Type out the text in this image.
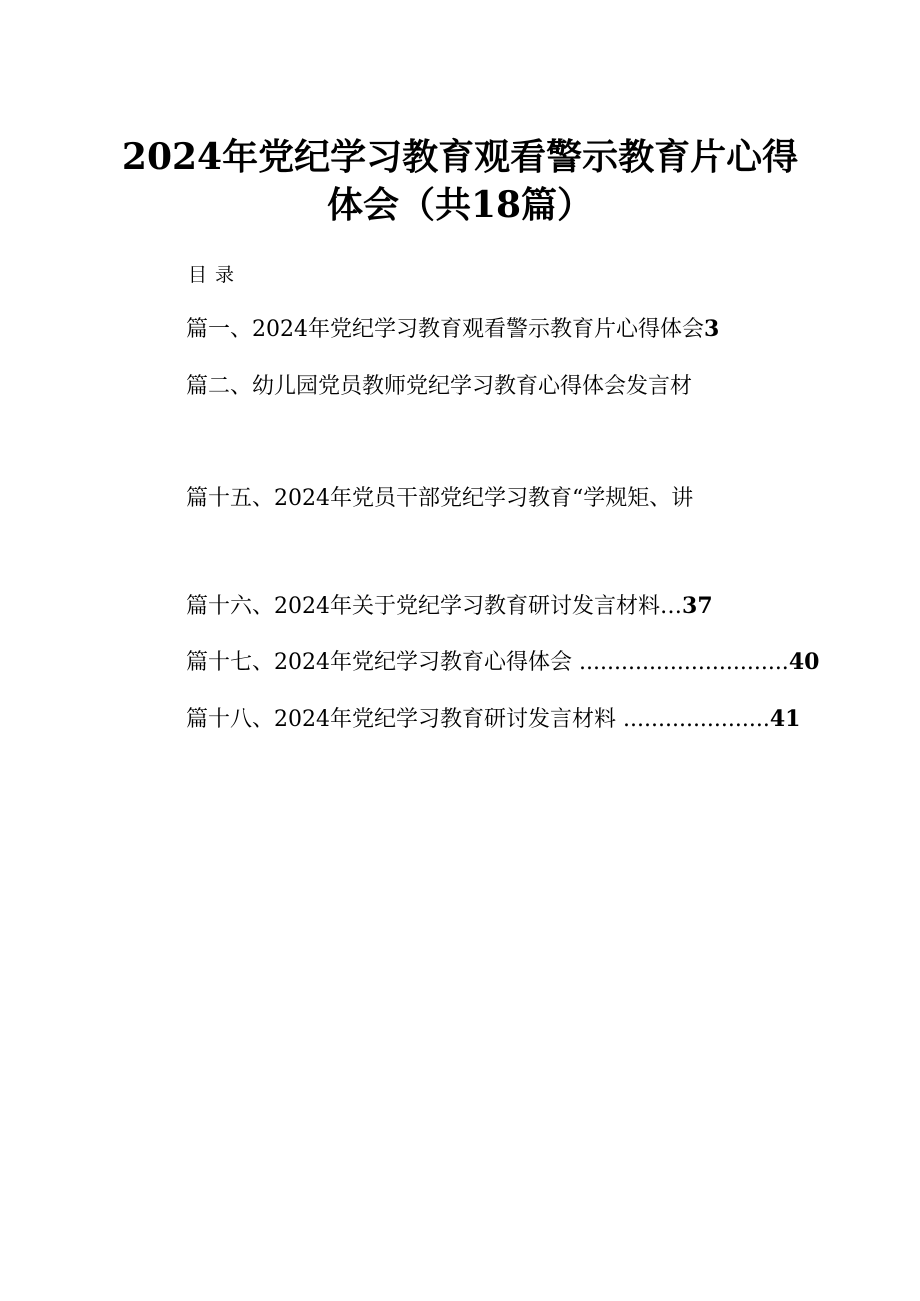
2024年党纪学习教育观看警示教育片心得
体会（共18篇）
目录
篇一、2024年党纪学习教育观看警示教育片心得体会3
篇二、幼儿园党员教师党纪学习教育心得体会发言材
篇十五、2024年党员干部党纪学习教育“学规矩、讲
篇十六、2024年关于党纪学习教育研讨发言材料…37
篇十七、2024年党纪学习教育心得体会 ..............................40
篇十八、2024年党纪学习教育研讨发言材料 .....................41
